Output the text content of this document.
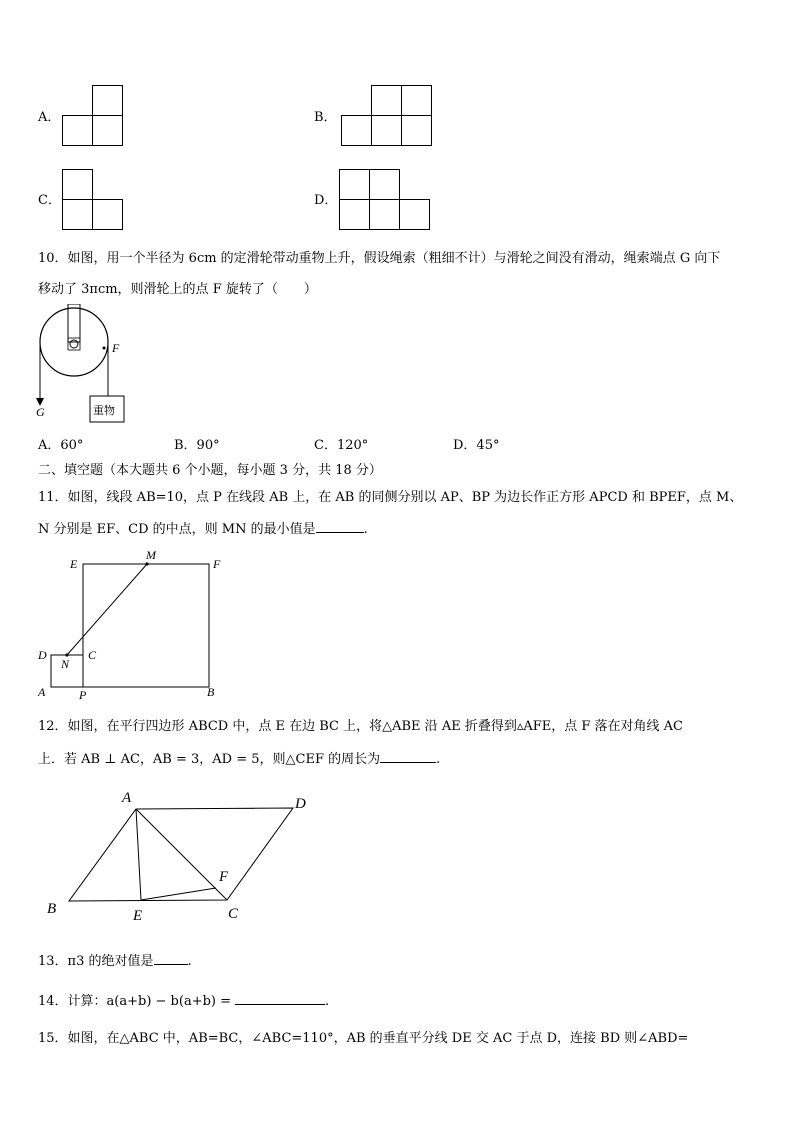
A．	B．
C．	D．
10．如图，用一个半径为 6cm 的定滑轮带动重物上升，假设绳索（粗细不计）与滑轮之间没有滑动，绳索端点 G 向下
移动了 3πcm，则滑轮上的点 F 旋转了（　　）
F
G	重物
A．60°	B．90°	C．120°	D．45°
二、填空题（本大题共 6 个小题，每小题 3 分，共 18 分）
11．如图，线段 AB=10，点 P 在线段 AB 上，在 AB 的同侧分别以 AP、BP 为边长作正方形 APCD 和 BPEF，点 M、
N 分别是 EF、CD 的中点，则 MN 的最小值是	.
M
E	F
D
N
C
A	P	B
12．如图，在平行四边形 ABCD 中，点 E 在边 BC 上，将△ABE 沿 AE 折叠得到▵AFE，点 F 落在对角线 AC
上．若 AB ⊥ AC，AB = 3，AD = 5，则△CEF 的周长为	.
A	D
F
B	E	C
13．π3 的绝对值是	.
14．计算：a(a+b) − b(a+b) =	.
15．如图，在△ABC 中，AB=BC，∠ABC=110°，AB 的垂直平分线 DE 交 AC 于点 D，连接 BD 则∠ABD=
